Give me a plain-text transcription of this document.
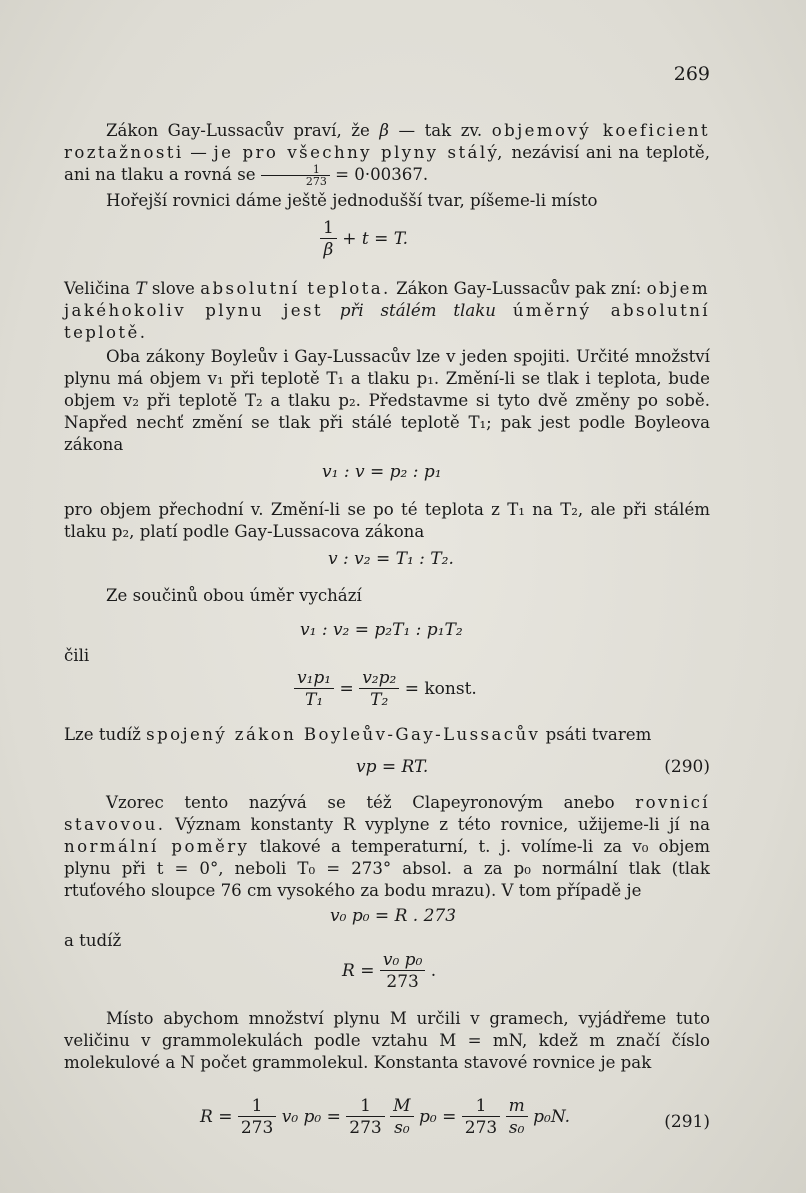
269

Zákon Gay-Lussacův praví, že β — tak zv. objemový koeficient roztažnosti — je pro všechny plyny stálý, nezávisí ani na teplotě, ani na tlaku a rovná se $\frac{1}{273} = 0\cdot 00367$.

Hořejší rovnici dáme ještě jednodušší tvar, píšeme-li místo

$\frac{1}{\beta} + t = T$.

Veličina T slove absolutní teplota. Zákon Gay-Lussacův pak zní: objem jakéhokoliv plynu jest při stálém tlaku úměrný absolutní teplotě.

Oba zákony Boyleův i Gay-Lussacův lze v jeden spojiti. Určité množství plynu má objem v₁ při teplotě T₁ a tlaku p₁. Změní-li se tlak i teplota, bude objem v₂ při teplotě T₂ a tlaku p₂. Představme si tyto dvě změny po sobě. Napřed nechť změní se tlak při stálé teplotě T₁; pak jest podle Boyleova zákona

v₁ : v = p₂ : p₁

pro objem přechodní v. Změní-li se po té teplota z T₁ na T₂, ale při stálém tlaku p₂, platí podle Gay-Lussacova zákona

v : v₂ = T₁ : T₂.

Ze součinů obou úměr vychází

v₁ : v₂ = p₂T₁ : p₁T₂

čili

$\frac{\text{v₁p₁}}{\text{T₁}} = \frac{\text{v₂p₂}}{\text{T₂}}$ = konst.

Lze tudíž spojený zákon Boyleův-Gay-Lussacův psáti tvarem

vp = RT.	(290)

Vzorec tento nazývá se též Clapeyronovým anebo rovnicí stavovou. Význam konstanty R vyplyne z této rovnice, užijeme-li jí na normální poměry tlakové a temperaturní, t. j. volíme-li za v₀ objem plynu při t = 0°, neboli T₀ = 273° absol. a za p₀ normální tlak (tlak rtuťového sloupce 76 cm vysokého za bodu mrazu). V tom případě je

v₀ p₀ = R . 273

a tudíž

$R = \frac{\text{v₀ p₀}}{273}$ .

Místo abychom množství plynu M určili v gramech, vyjádřeme tuto veličinu v grammolekulách podle vztahu M = mN, kdež m značí číslo molekulové a N počet grammolekul. Konstanta stavové rovnice je pak

$R = \frac{1}{273} v_0$ $p_0 = \frac{1}{273}$
$\frac{M}{\text{s₀}} p_0 = \frac{1}{273}$
$\frac{m}{\text{s₀}} p_0N$.	(291)
